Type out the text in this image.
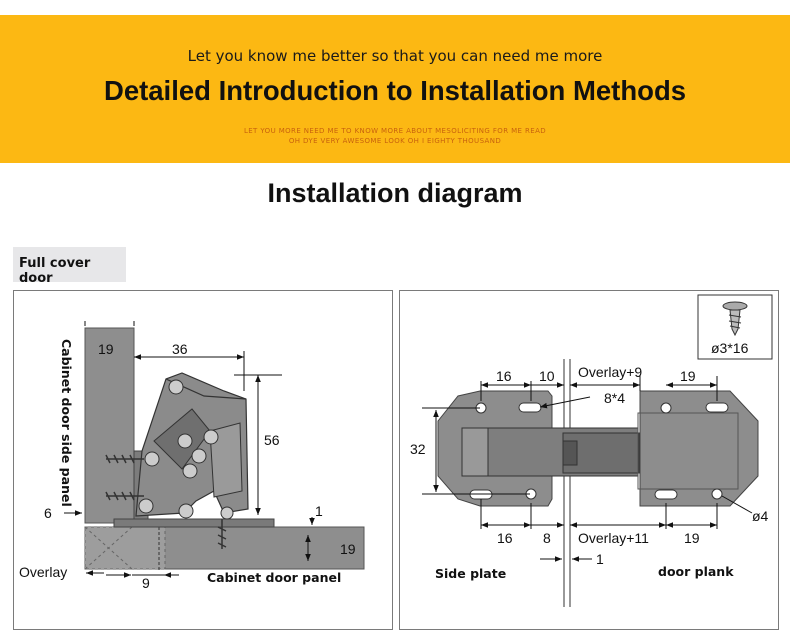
Let you know me better so that you can need me more
Detailed Introduction to Installation Methods
LET YOU MORE NEED ME TO KNOW MORE ABOUT MESOLICITING FOR ME READ
OH DYE VERY AWESOME LOOK OH I EIGHTY THOUSAND
Installation diagram
Full cover door
19	36
56
1
19
6
9
Overlay	Cabinet door panel
Cabinet door side panel	ø3*16
16 10 Overlay+9	19
8*4
32
ø4
16 8 Overlay+11	19
1
Side plate	door plank
